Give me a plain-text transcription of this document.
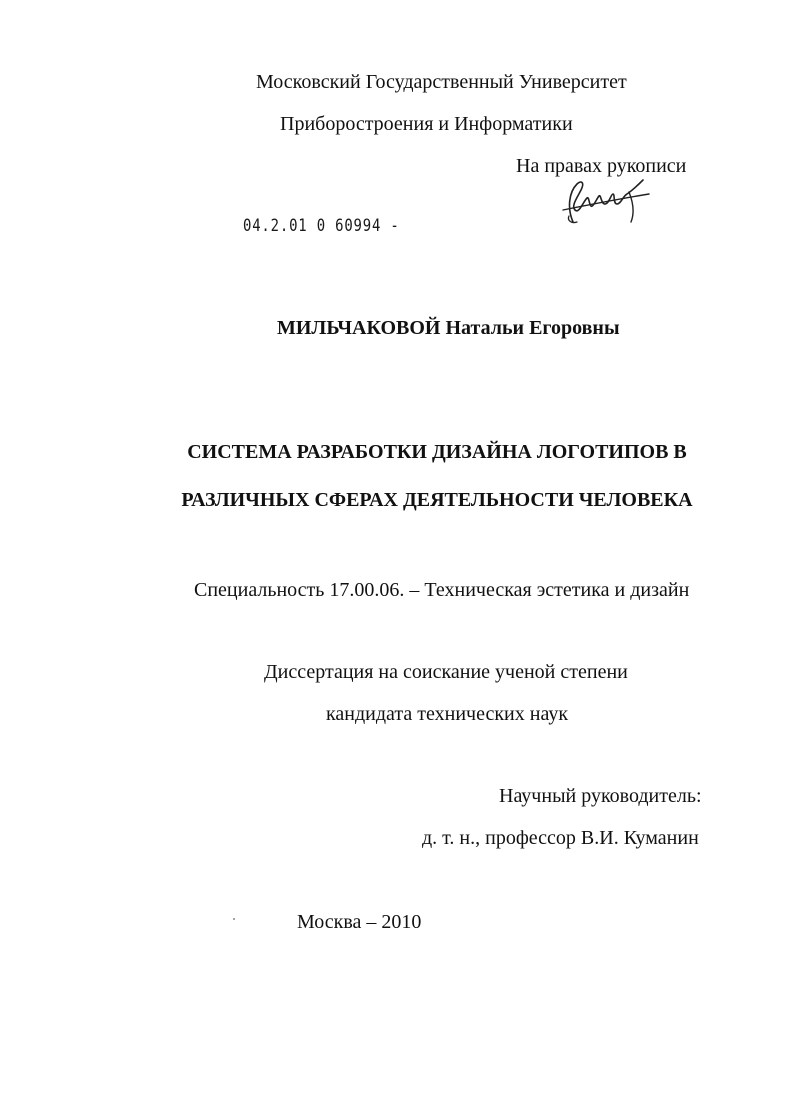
Московский Государственный Университет
Приборостроения и Информатики
На правах рукописи
04.2.01 0 60994 -
МИЛЬЧАКОВОЙ Натальи Егоровны
СИСТЕМА РАЗРАБОТКИ ДИЗАЙНА ЛОГОТИПОВ В
РАЗЛИЧНЫХ СФЕРАХ ДЕЯТЕЛЬНОСТИ ЧЕЛОВЕКА
Специальность 17.00.06. – Техническая эстетика и дизайн
Диссертация на соискание ученой степени
кандидата технических наук
Научный руководитель:
д. т. н., профессор В.И. Куманин
Москва – 2010
